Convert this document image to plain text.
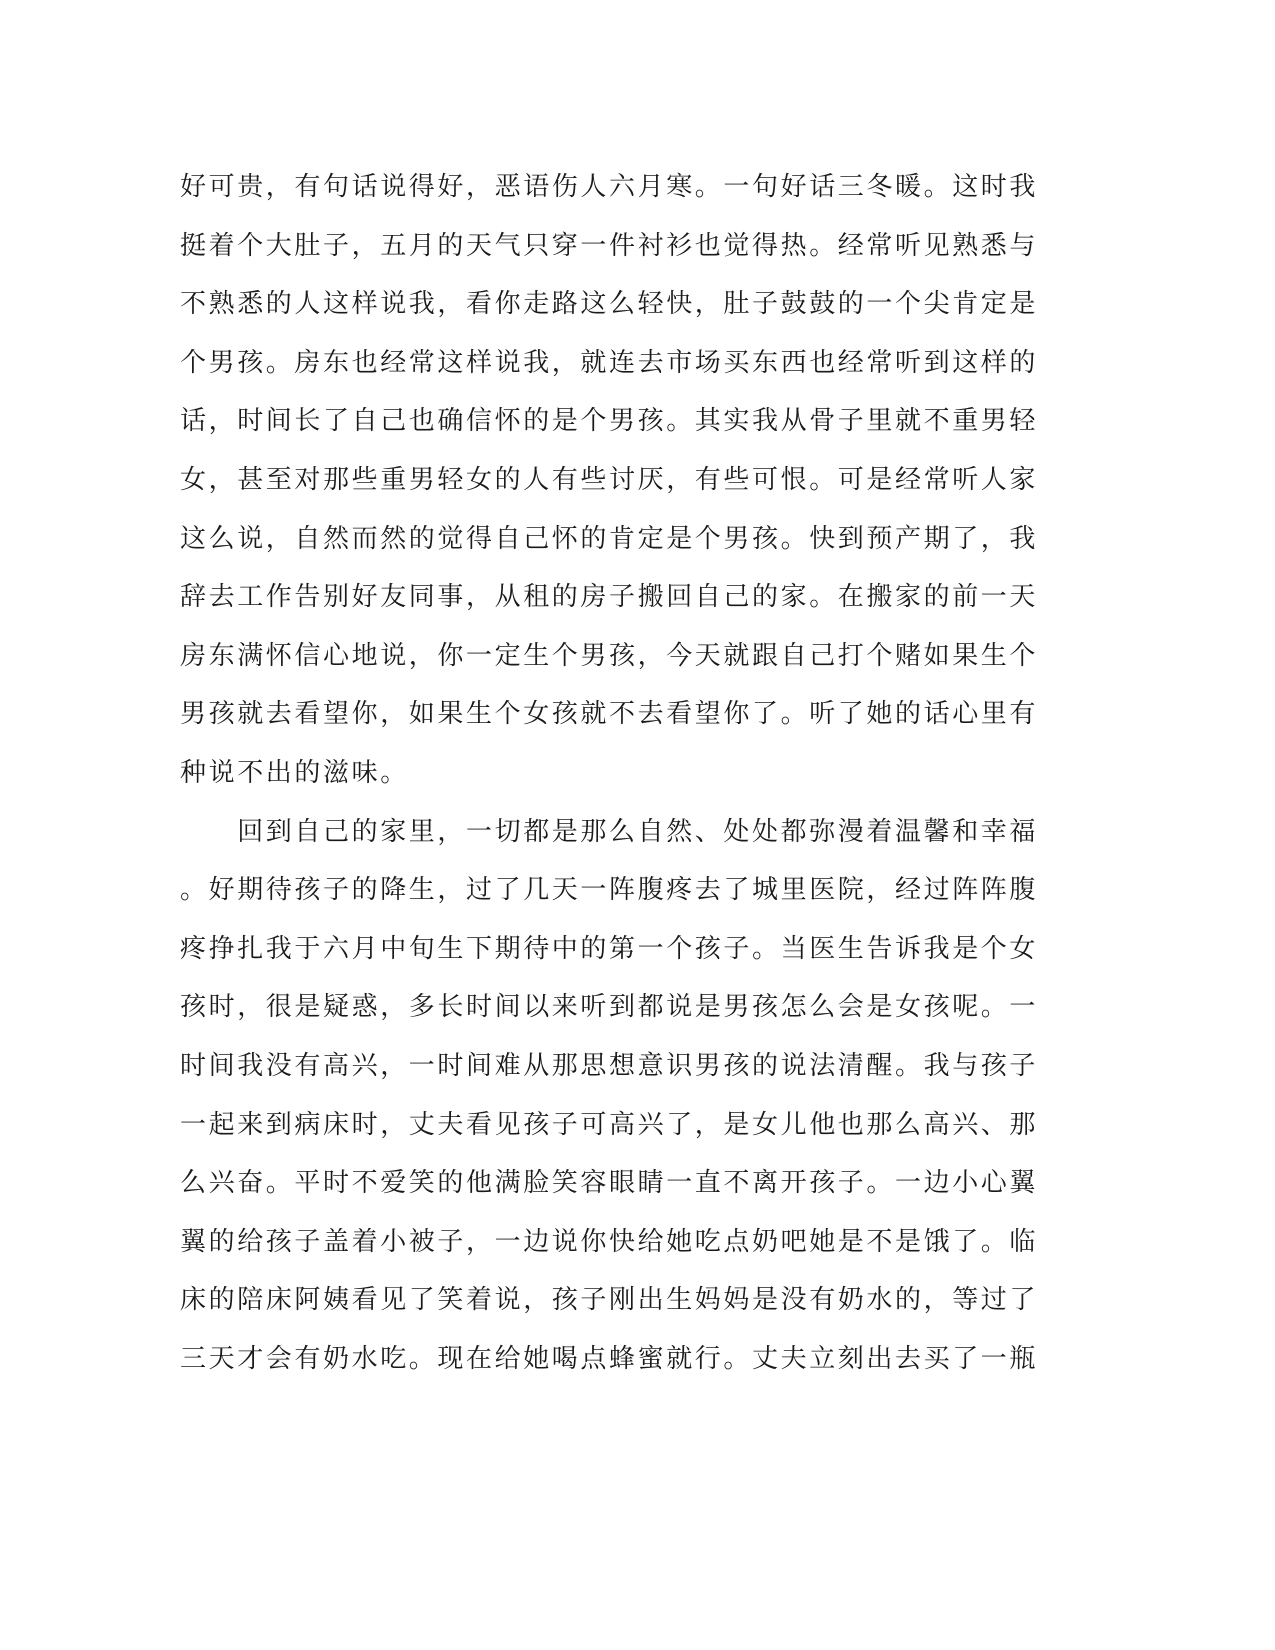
好可贵，有句话说得好，恶语伤人六月寒。一句好话三冬暖。这时我
挺着个大肚子，五月的天气只穿一件衬衫也觉得热。经常听见熟悉与
不熟悉的人这样说我，看你走路这么轻快，肚子鼓鼓的一个尖肯定是
个男孩。房东也经常这样说我，就连去市场买东西也经常听到这样的
话，时间长了自己也确信怀的是个男孩。其实我从骨子里就不重男轻
女，甚至对那些重男轻女的人有些讨厌，有些可恨。可是经常听人家
这么说，自然而然的觉得自己怀的肯定是个男孩。快到预产期了，我
辞去工作告别好友同事，从租的房子搬回自己的家。在搬家的前一天
房东满怀信心地说，你一定生个男孩，今天就跟自己打个赌如果生个
男孩就去看望你，如果生个女孩就不去看望你了。听了她的话心里有
种说不出的滋味。
　　回到自己的家里，一切都是那么自然、处处都弥漫着温馨和幸福
。好期待孩子的降生，过了几天一阵腹疼去了城里医院，经过阵阵腹
疼挣扎我于六月中旬生下期待中的第一个孩子。当医生告诉我是个女
孩时，很是疑惑，多长时间以来听到都说是男孩怎么会是女孩呢。一
时间我没有高兴，一时间难从那思想意识男孩的说法清醒。我与孩子
一起来到病床时，丈夫看见孩子可高兴了，是女儿他也那么高兴、那
么兴奋。平时不爱笑的他满脸笑容眼睛一直不离开孩子。一边小心翼
翼的给孩子盖着小被子，一边说你快给她吃点奶吧她是不是饿了。临
床的陪床阿姨看见了笑着说，孩子刚出生妈妈是没有奶水的，等过了
三天才会有奶水吃。现在给她喝点蜂蜜就行。丈夫立刻出去买了一瓶
